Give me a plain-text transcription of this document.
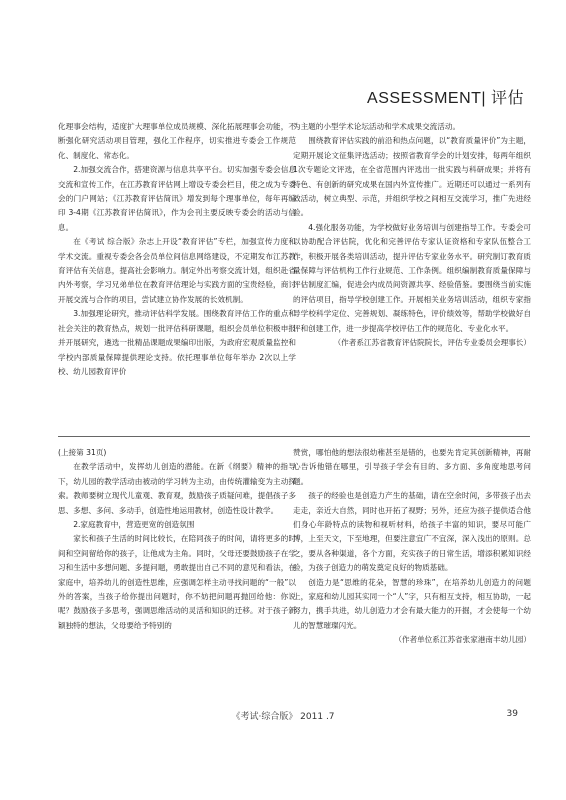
ASSESSMENT| 评估

化理事会结构，适度扩大理事单位成员规模、深化拓展理事会功能，不断强化研究活动项目管理，强化工作程序，切实推进专委会工作规范化、制度化、常态化。

2.加强交流合作，搭建资源与信息共享平台。切实加强专委会信息交流和宣传工作，在江苏教育评估网上增设专委会栏目，使之成为专委会的门户网站；《江苏教育评估简讯》增发到每个理事单位，每年再编印 3-4期《江苏教育评估简讯》，作为会刊主要反映专委会的活动与信息。

在《考试 综合版》杂志上开设“教育评估”专栏，加强宣传力度和学术交流。重视专委会各会员单位间信息网络建设，不定期发布江苏教育评估有关信息，提高社会影响力。制定外出考察交流计划，组织赴省内外考察，学习兄弟单位在教育评估理论与实践方面的宝贵经验，商讨开展交流与合作的项目，尝试建立协作发展的长效机制。

3.加强理论研究，推动评估科学发展。围绕教育评估工作的重点和社会关注的教育热点，规划一批评估科研课题，组织会员单位积极申报并开展研究，遴选一批精品课题成果编印出版，为政府宏观质量监控和学校内部质量保障提供理论支持。依托理事单位每年举办 2次以上学校、幼儿园教育评价

为主题的小型学术论坛活动和学术成果交流活动。

围绕教育评估实践的前沿和热点问题，以“教育质量评价”为主题，定期开展论文征集评选活动；按照省教育学会的计划安排，每两年组织 1次专题论文评选，在全省范围内评选出一批实践与科研成果；并将有特色、有创新的研究成果在国内外宣传推广。近期还可以通过一系列有效活动，树立典型、示范，并组织学校之间相互交流学习，推广先进经验。

4.强化服务功能，为学校做好业务培训与创建指导工作。专委会可以协助配合评估院，优化和完善评估专家认证资格和专家队伍整合工作，积极开展各类培训活动，提升评估专家业务水平。研究制订教育质量保障与评估机构工作行业规范、工作条例。组织编制教育质量保障与评估制度汇编，促进会内成员间资源共享、经验借鉴。要围绕当前实施的评估项目，指导学校创建工作。开展相关业务培训活动，组织专家指导学校科学定位、完善规划、凝练特色，评价绩效等，帮助学校做好自评和创建工作，进一步提高学校评估工作的规范化、专业化水平。

（作者系江苏省教育评估院院长，评估专业委员会理事长）

(上接第 31页)

在教学活动中，发挥幼儿创造的潜能。在新《纲要》精神的指导下，幼儿园的教学活动由被动的学习转为主动，由传统灌输变为主动探索。教师要树立现代儿童观、教育观，鼓励孩子质疑问难，提倡孩子多思、多想、多问、多动手，创造性地运用教材，创造性设计教学。

2.家庭教育中，营造更宽的创造氛围

家长和孩子生活的时间比较长，在陪同孩子的时间，请将更多的时间和空间留给你的孩子，让他成为主角。同时，父母还要鼓励孩子在学习和生活中多想问题、多提问题，勇敢提出自己不同的意见和看法，在家庭中，培养幼儿的创造性思维，应强调怎样主动寻找问题的“一般”以外的答案，当孩子给你提出问题时，你不妨把问题再抛回给他：你说呢？鼓励孩子多思考，强调思维活动的灵活和知识的迁移。对于孩子新颖独特的想法，父母要给予特别的

赞赏，哪怕他的想法很幼稚甚至是错的，也要先肯定其创新精神，再耐心告诉他错在哪里，引导孩子学会有目的、多方面、多角度地思考问题。

孩子的经验也是创造力产生的基础，请在空余时间，多带孩子出去走走，亲近大自然，同时也开拓了视野；另外，还应为孩子提供适合他们身心年龄特点的读物和视听材料，给孩子丰富的知识，要尽可能广博，上至天文，下至地理，但要注意宜广不宜深，深入浅出的原则。总之，要从各种渠道，各个方面，充实孩子的日常生活，增添积累知识经验，为孩子创造力的萌发奠定良好的物质基础。

创造力是“思维的花朵，智慧的珍珠”，在培养幼儿创造力的问题上，家庭和幼儿园其实同一个“人”字，只有相互支持，相互协助，一起努力，携手共进，幼儿创造力才会有最大能力的开掘，才会使每一个幼儿的智慧璀璨闪光。

（作者单位系江苏省张家港南丰幼儿园）

《考试·综合版》 2011 .7	39
